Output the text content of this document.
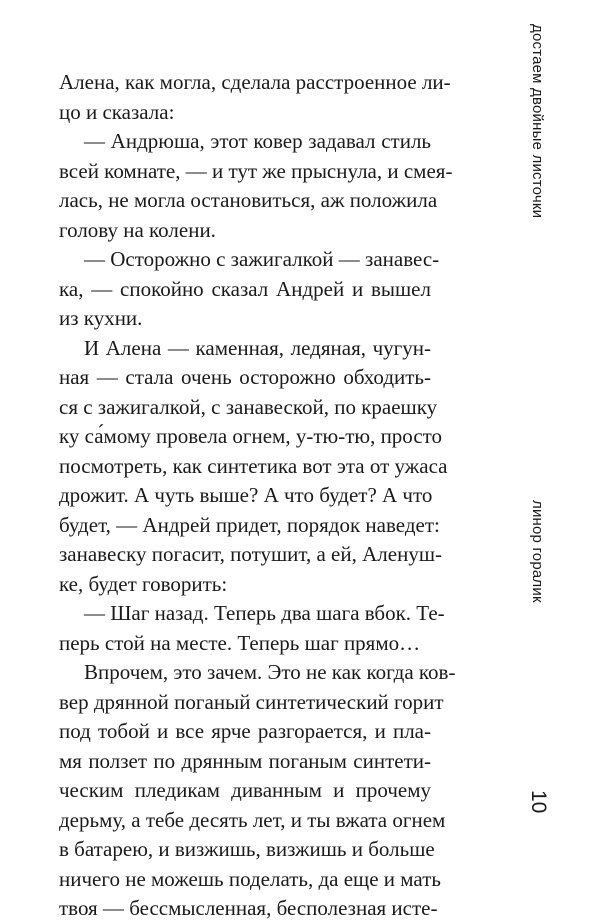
Алена, как могла, сделала расстроенное ли-
цо и сказала:
— Андрюша, этот ковер задавал стиль
всей комнате, — и тут же прыснула, и смея-
лась, не могла остановиться, аж положила
голову на колени.
— Осторожно с зажигалкой — занавес-
ка, — спокойно сказал Андрей и вышел
из кухни.
И Алена — каменная, ледяная, чугун-
ная — стала очень осторожно обходить-
ся с зажигалкой, с занавеской, по краешку
ку са́мому провела огнем, у-тю-тю, просто
посмотреть, как синтетика вот эта от ужаса
дрожит. А чуть выше? А что будет? А что
будет, — Андрей придет, порядок наведет:
занавеску погасит, потушит, а ей, Аленуш-
ке, будет говорить:
— Шаг назад. Теперь два шага вбок. Те-
перь стой на месте. Теперь шаг прямо…
Впрочем, это зачем. Это не как когда ков-
вер дрянной поганый синтетический горит
под тобой и все ярче разгорается, и пла-
мя ползет по дрянным поганым синтети-
ческим пледикам диванным и прочему
дерьму, а тебе десять лет, и ты вжата огнем
в батарею, и визжишь, визжишь и больше
ничего не можешь поделать, да еще и мать
твоя — бессмысленная, бесполезная исте-
достаем двойные листочки
линор горалик
10
